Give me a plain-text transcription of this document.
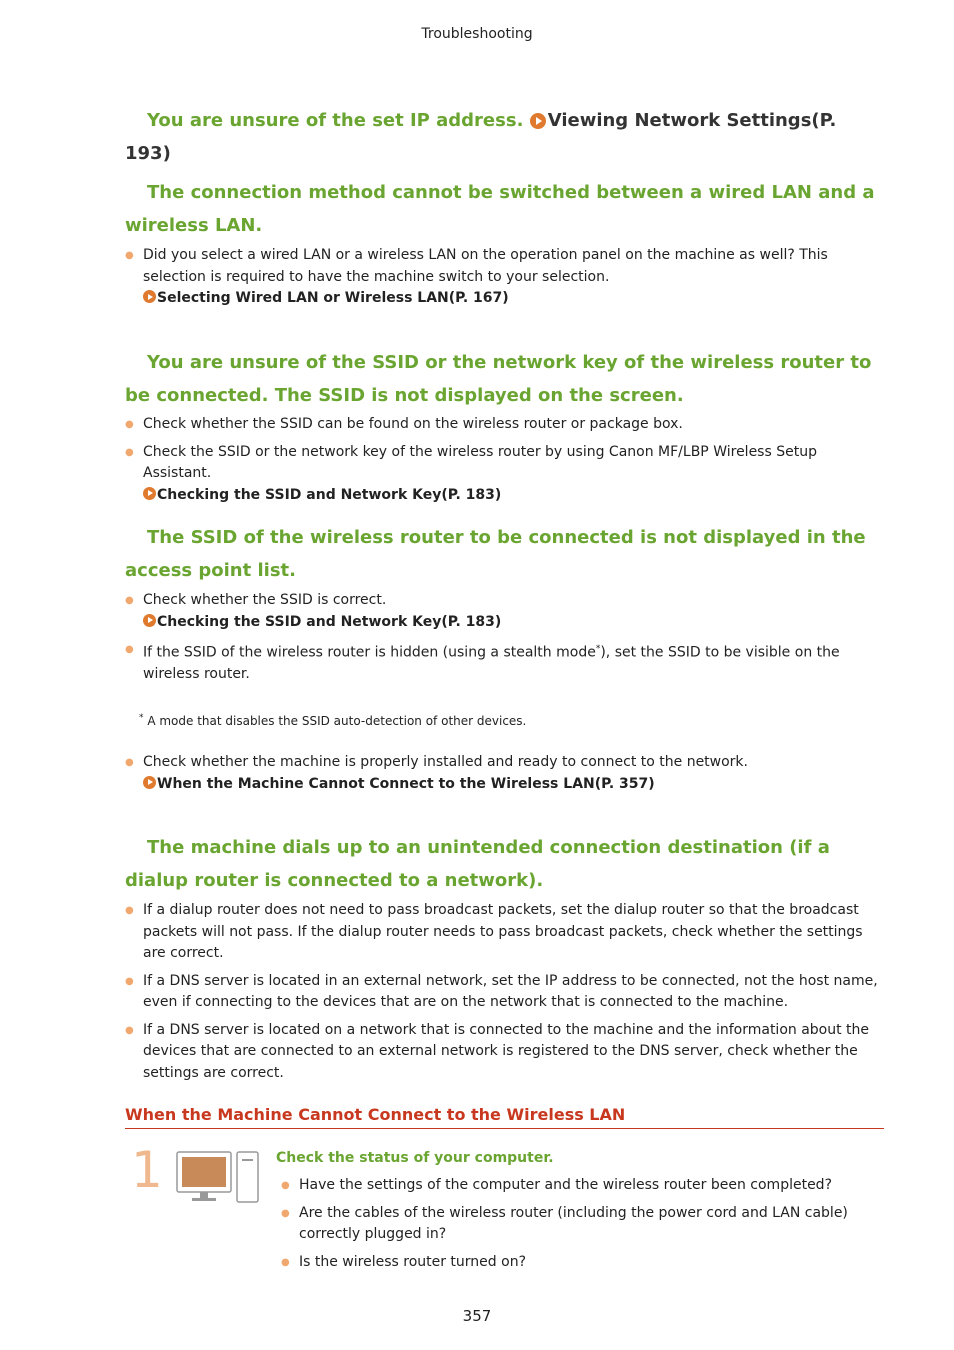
Troubleshooting

You are unsure of the set IP address. Viewing Network Settings(P. 193)

The connection method cannot be switched between a wired LAN and a wireless LAN.

● Did you select a wired LAN or a wireless LAN on the operation panel on the machine as well? This selection is required to have the machine switch to your selection.
Selecting Wired LAN or Wireless LAN(P. 167)

You are unsure of the SSID or the network key of the wireless router to be connected. The SSID is not displayed on the screen.

● Check whether the SSID can be found on the wireless router or package box.
● Check the SSID or the network key of the wireless router by using Canon MF/LBP Wireless Setup Assistant.
Checking the SSID and Network Key(P. 183)

The SSID of the wireless router to be connected is not displayed in the access point list.

● Check whether the SSID is correct.
Checking the SSID and Network Key(P. 183)
● If the SSID of the wireless router is hidden (using a stealth mode*), set the SSID to be visible on the wireless router.
* A mode that disables the SSID auto-detection of other devices.
● Check whether the machine is properly installed and ready to connect to the network.
When the Machine Cannot Connect to the Wireless LAN(P. 357)

The machine dials up to an unintended connection destination (if a dialup router is connected to a network).

● If a dialup router does not need to pass broadcast packets, set the dialup router so that the broadcast packets will not pass. If the dialup router needs to pass broadcast packets, check whether the settings are correct.
● If a DNS server is located in an external network, set the IP address to be connected, not the host name, even if connecting to the devices that are on the network that is connected to the machine.
● If a DNS server is located on a network that is connected to the machine and the information about the devices that are connected to an external network is registered to the DNS server, check whether the settings are correct.
When the Machine Cannot Connect to the Wireless LAN
1	Check the status of your computer.
● Have the settings of the computer and the wireless router been completed?
● Are the cables of the wireless router (including the power cord and LAN cable) correctly plugged in?
● Is the wireless router turned on?
357
